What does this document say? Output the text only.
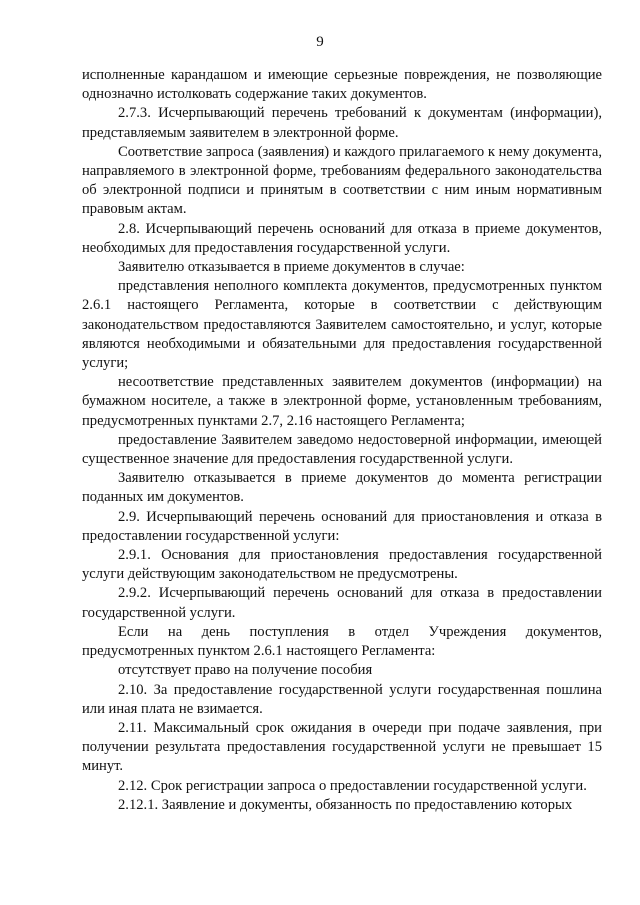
9

исполненные карандашом и имеющие серьезные повреждения, не позволяющие однозначно истолковать содержание таких документов.

2.7.3. Исчерпывающий перечень требований к документам (информации), представляемым заявителем в электронной форме.

Соответствие запроса (заявления) и каждого прилагаемого к нему документа, направляемого в электронной форме, требованиям федерального законодательства об электронной подписи и принятым в соответствии с ним иным нормативным правовым актам.

2.8. Исчерпывающий перечень оснований для отказа в приеме документов, необходимых для предоставления государственной услуги.

Заявителю отказывается в приеме документов в случае:

представления неполного комплекта документов, предусмотренных пунктом 2.6.1 настоящего Регламента, которые в соответствии с действующим законодательством предоставляются Заявителем самостоятельно, и услуг, которые являются необходимыми и обязательными для предоставления государственной услуги;

несоответствие представленных заявителем документов (информации) на бумажном носителе, а также в электронной форме, установленным требованиям, предусмотренных пунктами 2.7, 2.16 настоящего Регламента;

предоставление Заявителем заведомо недостоверной информации, имеющей существенное значение для предоставления государственной услуги.

Заявителю отказывается в приеме документов до момента регистрации поданных им документов.

2.9. Исчерпывающий перечень оснований для приостановления и отказа в предоставлении государственной услуги:

2.9.1. Основания для приостановления предоставления государственной услуги действующим законодательством не предусмотрены.

2.9.2. Исчерпывающий перечень оснований для отказа в предоставлении государственной услуги.

Если на день поступления в отдел Учреждения документов, предусмотренных пунктом 2.6.1 настоящего Регламента:

отсутствует право на получение пособия

2.10. За предоставление государственной услуги государственная пошлина или иная плата не взимается.

2.11. Максимальный срок ожидания в очереди при подаче заявления, при получении результата предоставления государственной услуги не превышает 15 минут.

2.12. Срок регистрации запроса о предоставлении государственной услуги.

2.12.1. Заявление и документы, обязанность по предоставлению которых
